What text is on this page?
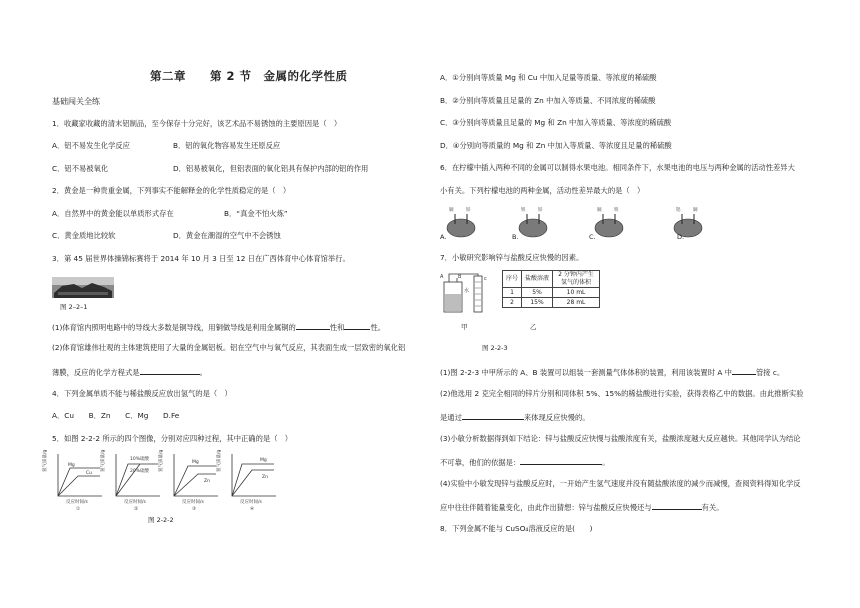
第二章　　第 2 节　金属的化学性质
基础闯关全练
1．收藏家收藏的清末铝制品，至今保存十分完好，该艺术品不易锈蚀的主要原因是（　）
A．铝不易发生化学反应	B．铝的氧化物容易发生还原反应
C．铝不易被氧化	D．铝易被氧化，但铝表面的氧化铝具有保护内部的铝的作用
2．黄金是一种贵重金属，下列事实不能解释金的化学性质稳定的是（　）
A．自然界中的黄金能以单质形式存在	B．“真金不怕火炼”
C．黄金质地比较软	D．黄金在潮湿的空气中不会锈蚀
3．第 45 届世界体操锦标赛将于 2014 年 10 月 3 日至 12 日在广西体育中心体育馆举行。
图 2–2–1
(1)体育馆内照明电路中的导线大多数是铜导线，用铜做导线是利用金属铜的	性和	性。
(2)体育馆雄伟壮观的主体建筑使用了大量的金属铝板。铝在空气中与氧气反应，其表面生成一层致密的氧化铝
薄膜，反应的化学方程式是	。
4．下列金属单质不能与稀盐酸反应放出氢气的是（　）
A．Cu　　B．Zn　　C．Mg　　D.Fe
5．如图 2-2-2 所示的四个图像，分别对应四种过程，其中正确的是（　）
氢气质量/g	Mg
Cu
反应时间/s
①
氢气质量/g	10%硫酸
20%硫酸
反应时间/s
②
氢气质量/g	Mg
Zn
反应时间/s
③
氢气质量/g	Mg
Zn
反应时间/s
④
图 2-2-2
A．①分别向等质量 Mg 和 Cu 中加入足量等质量、等浓度的稀硫酸
B．②分别向等质量且足量的 Zn 中加入等质量、不同浓度的稀硫酸
C．③分别向等质量且足量的 Mg 和 Zn 中加入等质量、等浓度的稀硫酸
D．④分别向等质量的 Mg 和 Zn 中加入等质量、等浓度且足量的稀硫酸
6．在柠檬中插入两种不同的金属可以制得水果电池。相同条件下，水果电池的电压与两种金属的活动性差异大
小有关。下列柠檬电池的两种金属，活动性差异最大的是（　）
铜	锌	铁	锌	铜	铁	铝	铜
A.	B.	C.	D.
7．小敏研究影响锌与盐酸反应快慢的因素。
A	B	c
水
序号	盐酸溶液	2 分钟内产生氢气的体积
1	5%	10 mL
2	15%	28 mL
甲	乙
图 2-2-3
(1)图 2-2-3 中甲所示的 A、B 装置可以组装一套测量气体体积的装置，利用该装置时 A 中	管接 c。
(2)他选用 2 克完全相同的锌片分别和同体积 5%、15%的稀盐酸进行实验，获得表格乙中的数据。由此推断实验
是通过	来体现反应快慢的。
(3)小敏分析数据得到如下结论：锌与盐酸反应快慢与盐酸浓度有关，盐酸浓度越大反应越快。其他同学认为结论
不可靠，他们的依据是：	。
(4)实验中小敏发现锌与盐酸反应时，一开始产生氢气速度并没有随盐酸浓度的减少而减慢，查阅资料得知化学反
应中往往伴随着能量变化，由此作出猜想：锌与盐酸反应快慢还与	有关。
8．下列金属不能与 CuSO₄溶液反应的是(　　)
